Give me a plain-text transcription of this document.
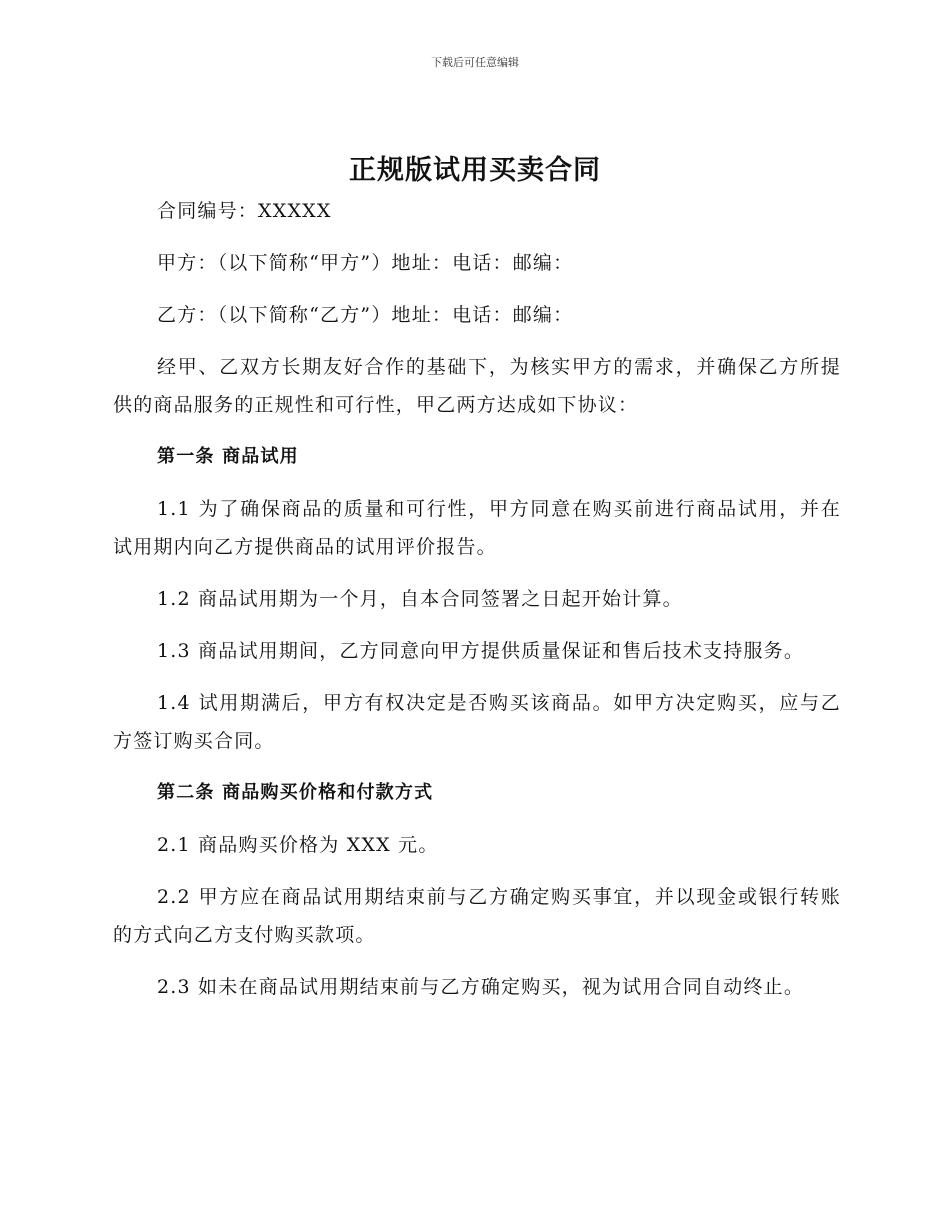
下载后可任意编辑
正规版试用买卖合同

合同编号：XXXXX

甲方：（以下简称“甲方”）地址：电话：邮编：

乙方：（以下简称“乙方”）地址：电话：邮编：

经甲、乙双方长期友好合作的基础下，为核实甲方的需求，并确保乙方所提供的商品服务的正规性和可行性，甲乙两方达成如下协议：

第一条 商品试用

1.1 为了确保商品的质量和可行性，甲方同意在购买前进行商品试用，并在试用期内向乙方提供商品的试用评价报告。

1.2 商品试用期为一个月，自本合同签署之日起开始计算。

1.3 商品试用期间，乙方同意向甲方提供质量保证和售后技术支持服务。

1.4 试用期满后，甲方有权决定是否购买该商品。如甲方决定购买，应与乙方签订购买合同。

第二条 商品购买价格和付款方式

2.1 商品购买价格为 XXX 元。

2.2 甲方应在商品试用期结束前与乙方确定购买事宜，并以现金或银行转账的方式向乙方支付购买款项。

2.3 如未在商品试用期结束前与乙方确定购买，视为试用合同自动终止。
